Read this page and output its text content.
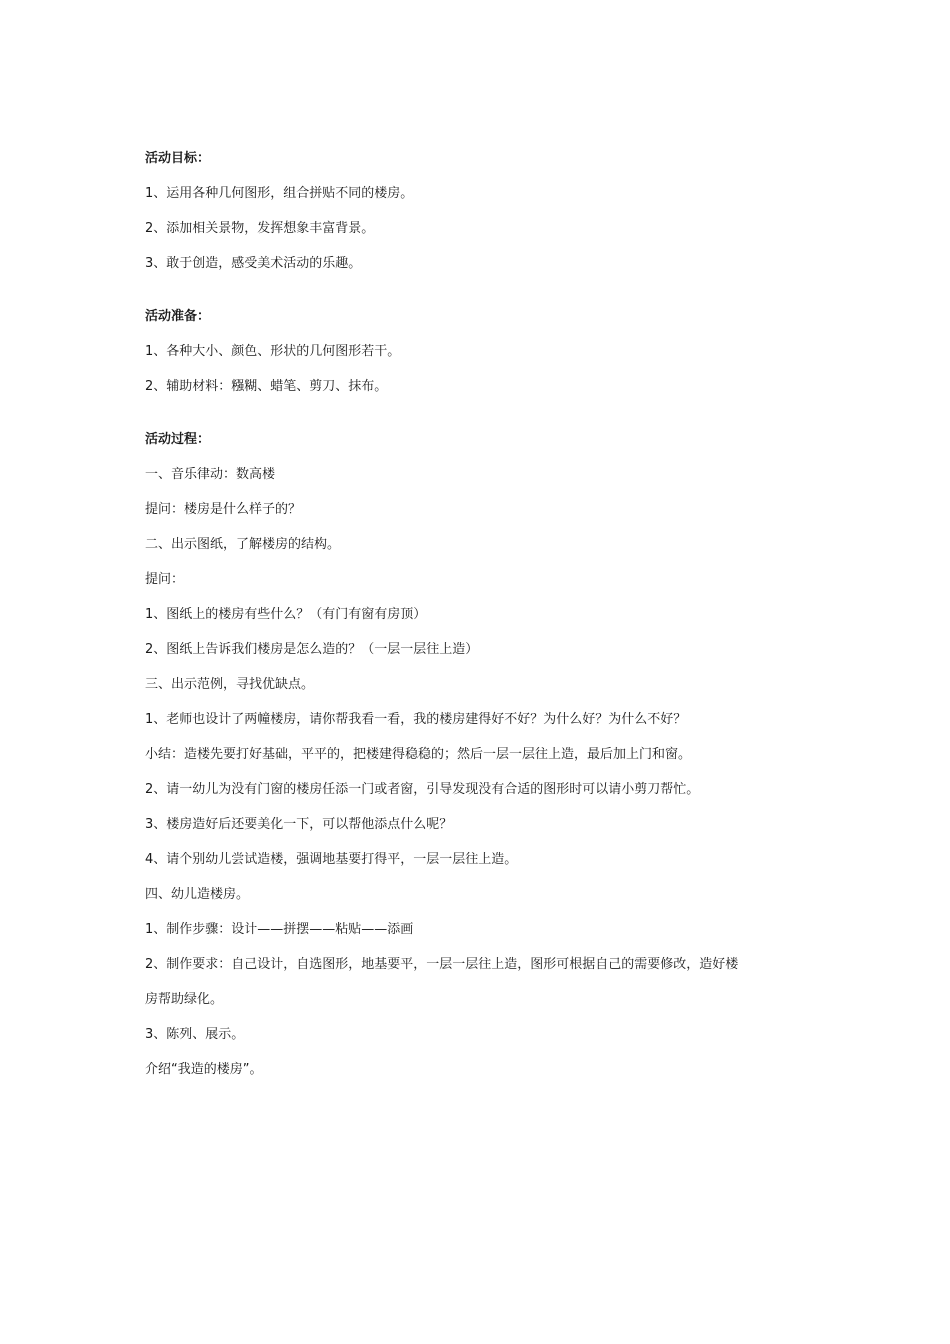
活动目标：
1、运用各种几何图形，组合拼贴不同的楼房。
2、添加相关景物，发挥想象丰富背景。
3、敢于创造，感受美术活动的乐趣。
活动准备：
1、各种大小、颜色、形状的几何图形若干。
2、辅助材料：糨糊、蜡笔、剪刀、抹布。
活动过程：
一、音乐律动：数高楼
提问：楼房是什么样子的？
二、出示图纸，了解楼房的结构。
提问：
1、图纸上的楼房有些什么？（有门有窗有房顶）
2、图纸上告诉我们楼房是怎么造的？（一层一层往上造）
三、出示范例，寻找优缺点。
1、老师也设计了两幢楼房，请你帮我看一看，我的楼房建得好不好？为什么好？为什么不好？
小结：造楼先要打好基础，平平的，把楼建得稳稳的；然后一层一层往上造，最后加上门和窗。
2、请一幼儿为没有门窗的楼房任添一门或者窗，引导发现没有合适的图形时可以请小剪刀帮忙。
3、楼房造好后还要美化一下，可以帮他添点什么呢？
4、请个别幼儿尝试造楼，强调地基要打得平，一层一层往上造。
四、幼儿造楼房。
1、制作步骤：设计——拼摆——粘贴——添画
2、制作要求：自己设计，自选图形，地基要平，一层一层往上造，图形可根据自己的需要修改，造好楼
房帮助绿化。
3、陈列、展示。
介绍“我造的楼房”。
